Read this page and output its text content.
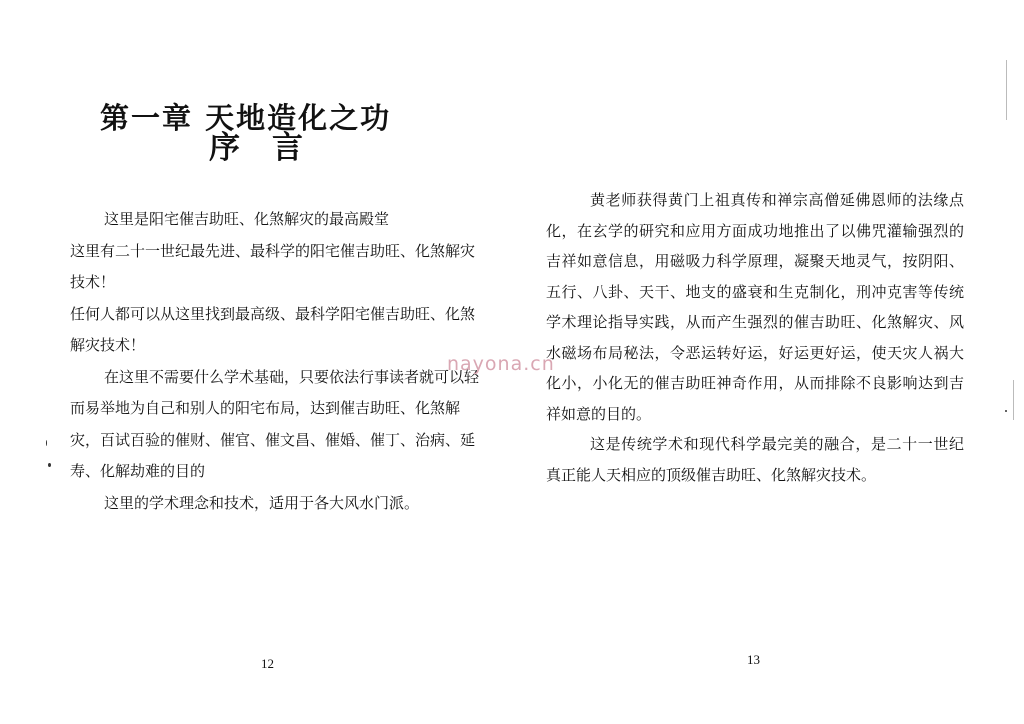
序言

这里是阳宅催吉助旺、化煞解灾的最高殿堂

这里有二十一世纪最先进、最科学的阳宅催吉助旺、化煞解灾技术！

任何人都可以从这里找到最高级、最科学阳宅催吉助旺、化煞解灾技术！

在这里不需要什么学术基础，只要依法行事读者就可以轻而易举地为自己和别人的阳宅布局，达到催吉助旺、化煞解灾，百试百验的催财、催官、催文昌、催婚、催丁、治病、延寿、化解劫难的目的

这里的学术理念和技术，适用于各大风水门派。

12
第一章 天地造化之功

黄老师获得黄门上祖真传和禅宗高僧延佛恩师的法缘点化，在玄学的研究和应用方面成功地推出了以佛咒灌输强烈的吉祥如意信息，用磁吸力科学原理，凝聚天地灵气，按阴阳、五行、八卦、天干、地支的盛衰和生克制化，刑冲克害等传统学术理论指导实践，从而产生强烈的催吉助旺、化煞解灾、风水磁场布局秘法，令恶运转好运，好运更好运，使天灾人祸大化小，小化无的催吉助旺神奇作用，从而排除不良影响达到吉祥如意的目的。

这是传统学术和现代科学最完美的融合，是二十一世纪真正能人天相应的顶级催吉助旺、化煞解灾技术。

13
nayona.cn
